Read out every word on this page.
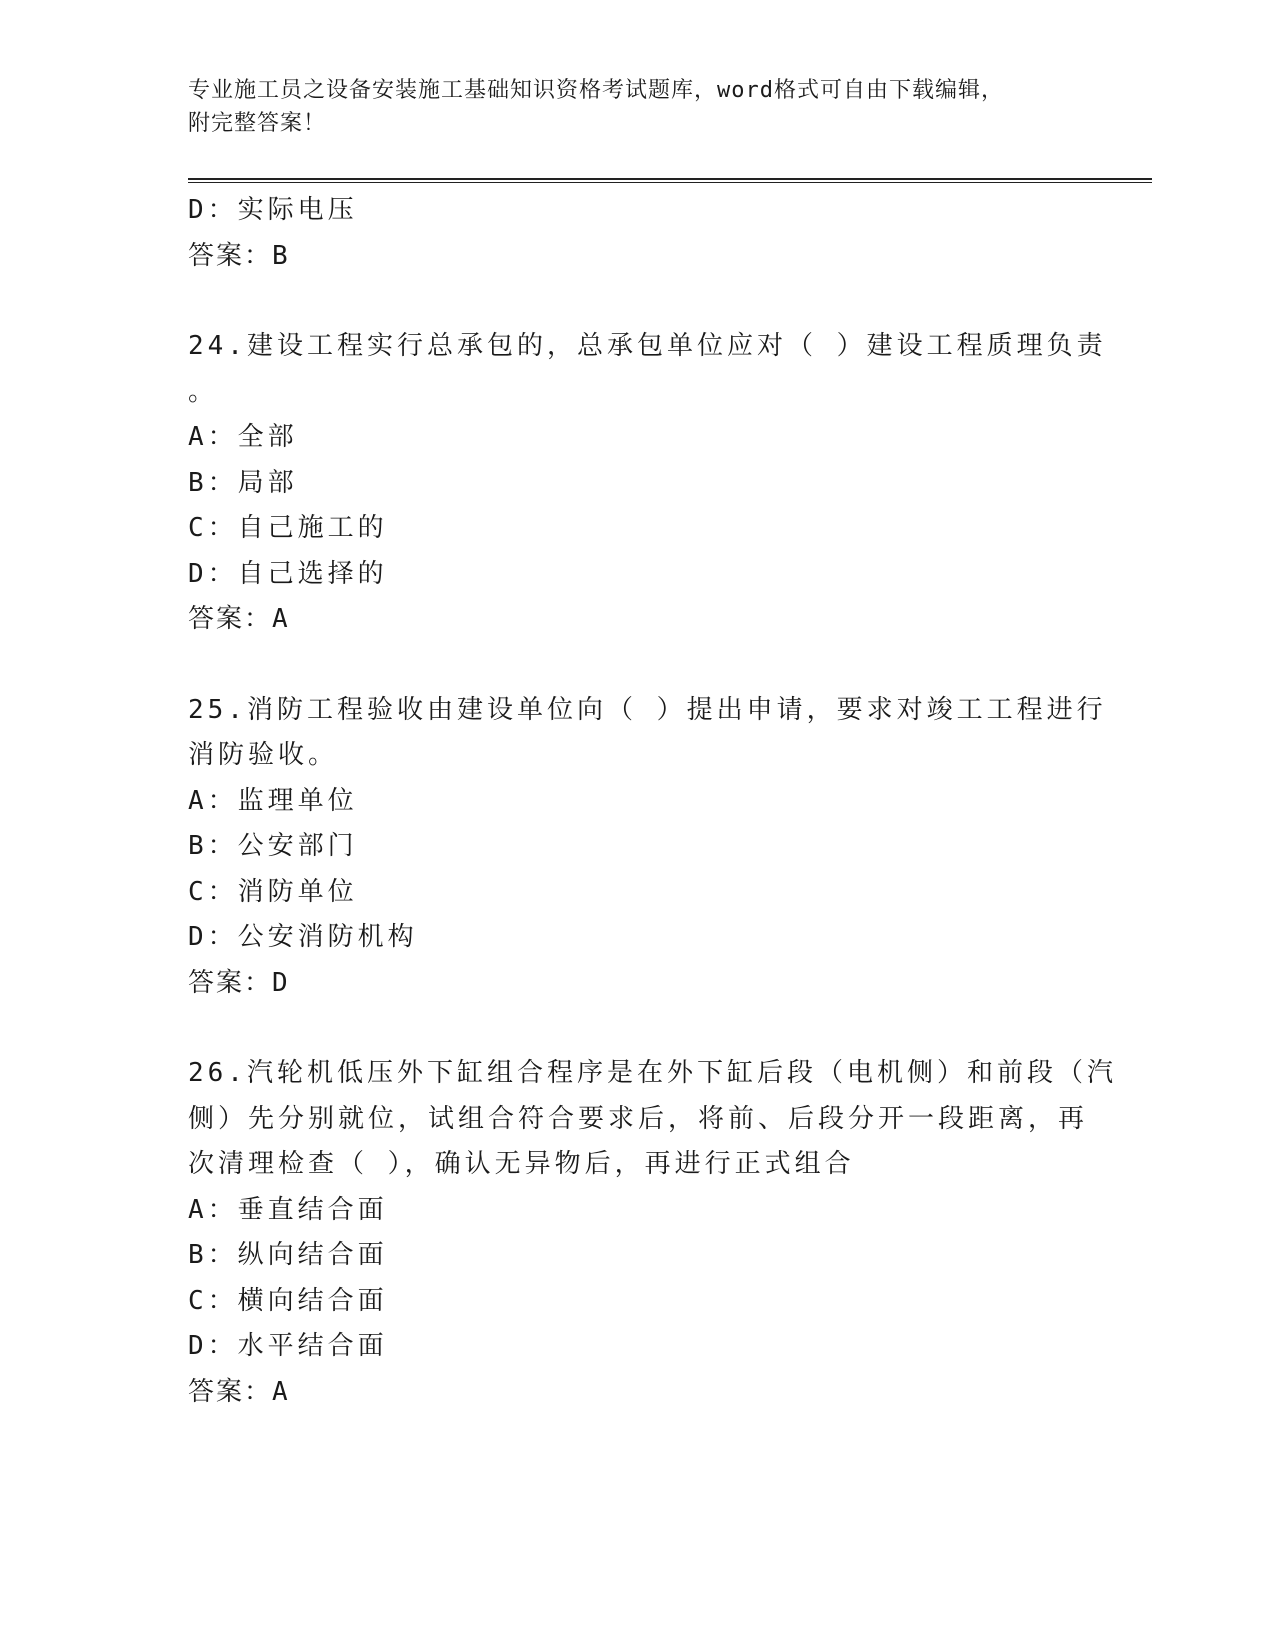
专业施工员之设备安装施工基础知识资格考试题库，word格式可自由下载编辑，
附完整答案！
D：实际电压
答案：B
24.建设工程实行总承包的，总承包单位应对（ ）建设工程质理负责
。
A：全部
B：局部
C：自己施工的
D：自己选择的
答案：A
25.消防工程验收由建设单位向（ ）提出申请，要求对竣工工程进行
消防验收。
A：监理单位
B：公安部门
C：消防单位
D：公安消防机构
答案：D
26.汽轮机低压外下缸组合程序是在外下缸后段（电机侧）和前段（汽
侧）先分别就位，试组合符合要求后，将前、后段分开一段距离，再
次清理检查（ ），确认无异物后，再进行正式组合
A：垂直结合面
B：纵向结合面
C：横向结合面
D：水平结合面
答案：A
